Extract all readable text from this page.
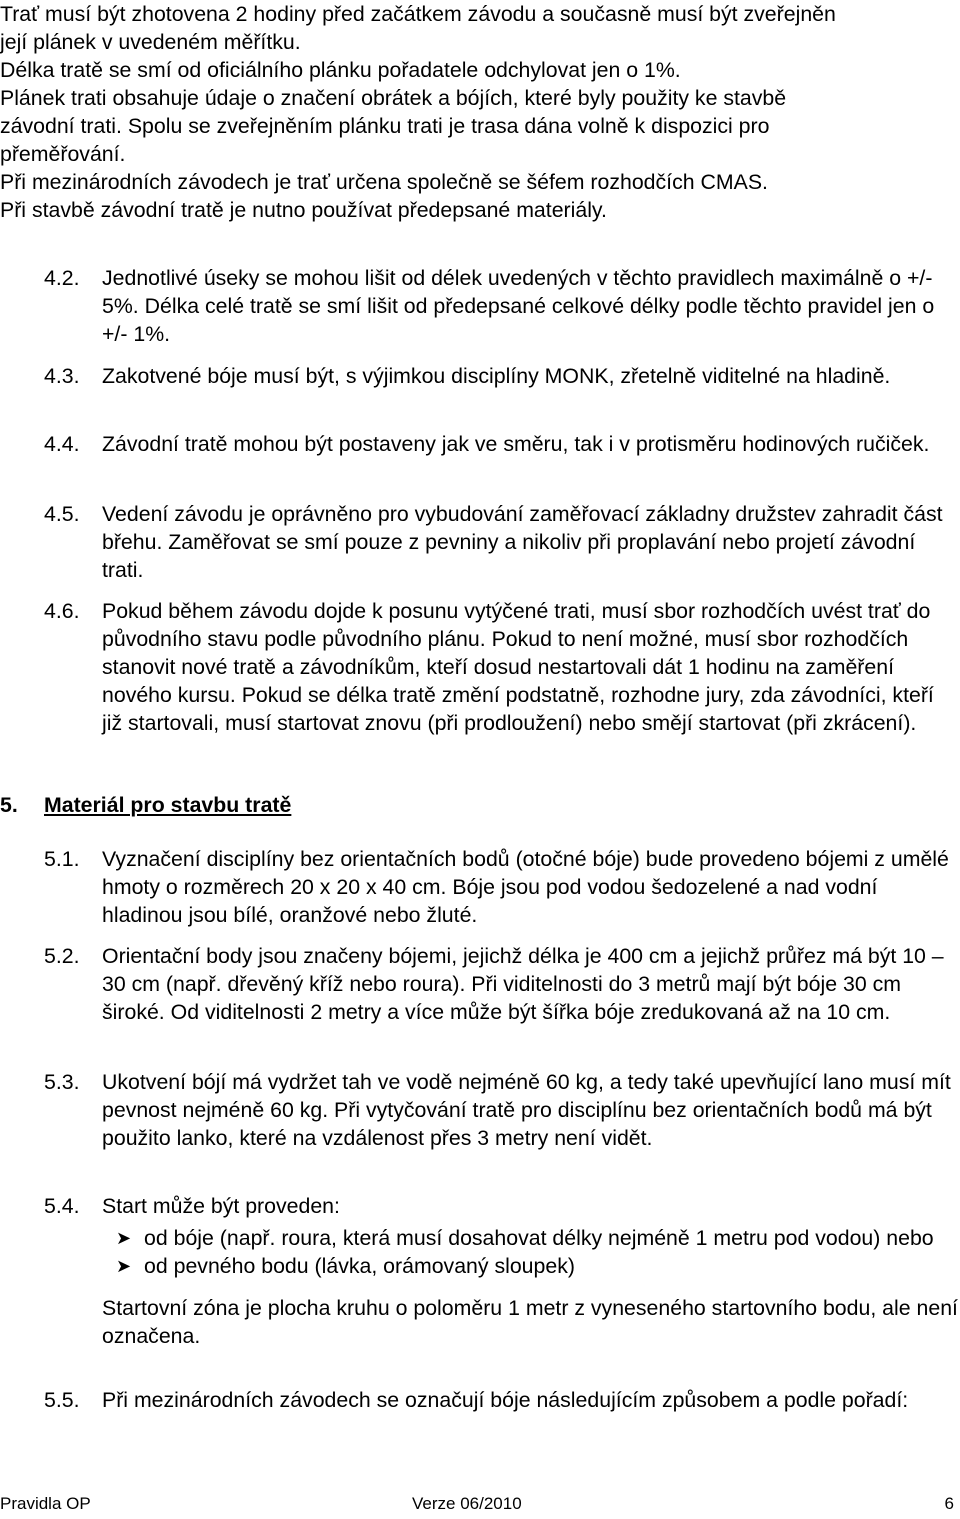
Trať musí být zhotovena 2 hodiny před začátkem závodu a současně musí být zveřejněn její plánek v uvedeném měřítku.

Délka tratě se smí od oficiálního plánku pořadatele odchylovat jen o 1%.

Plánek trati obsahuje údaje o značení obrátek a bójích, které byly použity ke stavbě závodní trati. Spolu se zveřejněním plánku trati je trasa dána volně k dispozici pro přeměřování.

Při mezinárodních závodech je trať určena společně se šéfem rozhodčích CMAS.

Při stavbě závodní tratě je nutno používat předepsané materiály.

4.2.	Jednotlivé úseky se mohou lišit od délek uvedených v těchto pravidlech maximálně o +/- 5%. Délka celé tratě se smí lišit od předepsané celkové délky podle těchto pravidel jen o +/- 1%.
4.3.	Zakotvené bóje musí být, s výjimkou disciplíny MONK, zřetelně viditelné na hladině.
4.4.	Závodní tratě mohou být postaveny jak ve směru, tak i v protisměru hodinových ručiček.
4.5.	Vedení závodu je oprávněno pro vybudování zaměřovací základny družstev zahradit část břehu. Zaměřovat se smí pouze z pevniny a nikoliv při proplavání nebo projetí závodní trati.
4.6.	Pokud během závodu dojde k posunu vytýčené trati, musí sbor rozhodčích uvést trať do původního stavu podle původního plánu. Pokud to není možné, musí sbor rozhodčích stanovit nové tratě a závodníkům, kteří dosud nestartovali dát 1 hodinu na zaměření nového kursu. Pokud se délka tratě změní podstatně, rozhodne jury, zda závodníci, kteří již startovali, musí startovat znovu (při prodloužení) nebo smějí startovat (při zkrácení).
5. Materiál pro stavbu tratě
5.1.	Vyznačení disciplíny bez orientačních bodů (otočné bóje) bude provedeno bójemi z umělé hmoty o rozměrech 20 x 20 x 40 cm. Bóje jsou pod vodou šedozelené a nad vodní hladinou jsou bílé, oranžové nebo žluté.
5.2.	Orientační body jsou značeny bójemi, jejichž délka je 400 cm a jejichž průřez má být 10 – 30 cm (např. dřevěný kříž nebo roura). Při viditelnosti do 3 metrů mají být bóje 30 cm široké. Od viditelnosti 2 metry a více může být šířka bóje zredukovaná až na 10 cm.
5.3.	Ukotvení bójí má vydržet tah ve vodě nejméně 60 kg, a tedy také upevňující lano musí mít pevnost nejméně 60 kg. Při vytyčování tratě pro disciplínu bez orientačních bodů má být použito lanko, které na vzdálenost přes 3 metry není vidět.
5.4.	Start může být proveden:
➤ od bóje (např. roura, která musí dosahovat délky nejméně 1 metru pod vodou) nebo
➤ od pevného bodu (lávka, orámovaný sloupek)
Startovní zóna je plocha kruhu o poloměru 1 metr z vyneseného startovního bodu, ale není označena.
5.5.	Při mezinárodních závodech se označují bóje následujícím způsobem a podle pořadí:
Pravidla OP	Verze 06/2010	6
